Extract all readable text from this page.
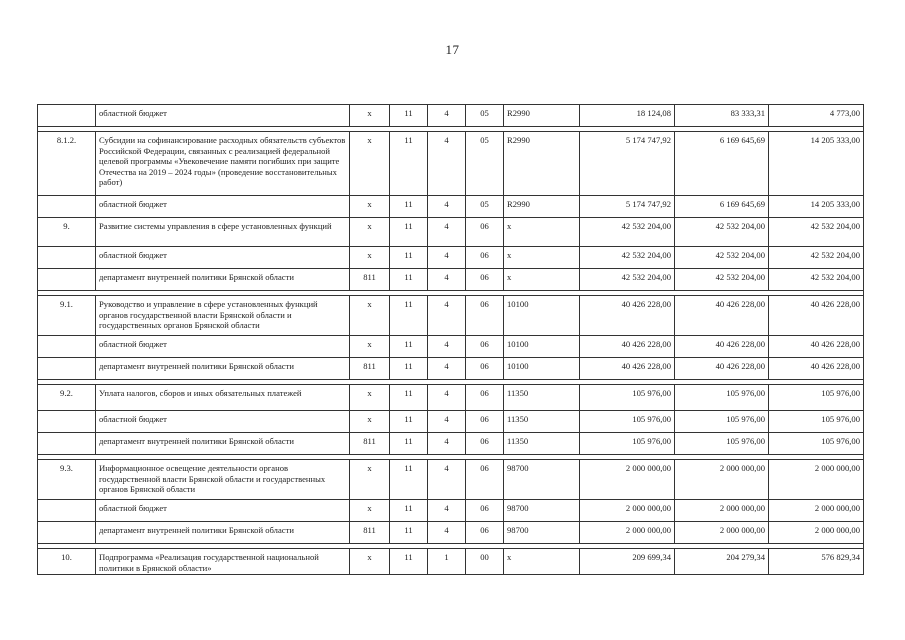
17
	областной бюджет	х	11	4	05	R2990	18 124,08	83 333,31	4 773,00

8.1.2.	Субсидии на софинансирование расходных обязательств субъектов Российской Федерации, связанных с реализацией федеральной целевой программы «Увековечение памяти погибших при защите Отечества на 2019 – 2024 годы» (проведение восстановительных работ)	х	11	4	05	R2990	5 174 747,92	6 169 645,69	14 205 333,00
	областной бюджет	х	11	4	05	R2990	5 174 747,92	6 169 645,69	14 205 333,00
9.	Развитие системы управления в сфере установленных функций	х	11	4	06	х	42 532 204,00	42 532 204,00	42 532 204,00
	областной бюджет	х	11	4	06	х	42 532 204,00	42 532 204,00	42 532 204,00
	департамент внутренней политики Брянской области	811	11	4	06	х	42 532 204,00	42 532 204,00	42 532 204,00

9.1.	Руководство и управление в сфере установленных функций органов государственной власти Брянской области и государственных органов Брянской области	х	11	4	06	10100	40 426 228,00	40 426 228,00	40 426 228,00
	областной бюджет	х	11	4	06	10100	40 426 228,00	40 426 228,00	40 426 228,00
	департамент внутренней политики Брянской области	811	11	4	06	10100	40 426 228,00	40 426 228,00	40 426 228,00

9.2.	Уплата налогов, сборов и иных обязательных платежей	х	11	4	06	11350	105 976,00	105 976,00	105 976,00
	областной бюджет	х	11	4	06	11350	105 976,00	105 976,00	105 976,00
	департамент внутренней политики Брянской области	811	11	4	06	11350	105 976,00	105 976,00	105 976,00

9.3.	Информационное освещение деятельности органов государственной власти Брянской области и государственных органов Брянской области	х	11	4	06	98700	2 000 000,00	2 000 000,00	2 000 000,00
	областной бюджет	х	11	4	06	98700	2 000 000,00	2 000 000,00	2 000 000,00
	департамент внутренней политики Брянской области	811	11	4	06	98700	2 000 000,00	2 000 000,00	2 000 000,00

10.	Подпрограмма «Реализация государственной национальной политики в Брянской области»	х	11	1	00	х	209 699,34	204 279,34	576 829,34
